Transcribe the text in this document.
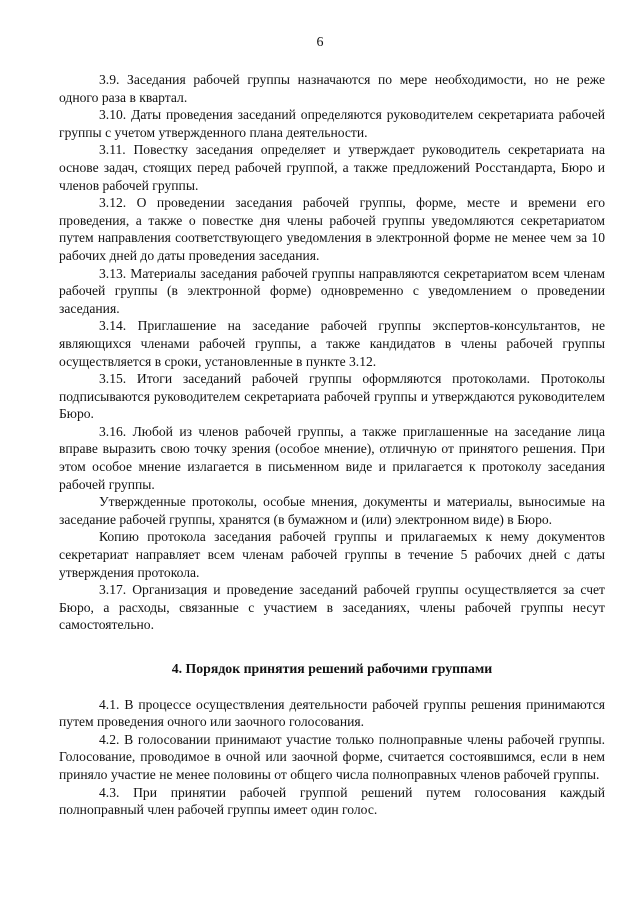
6

3.9. Заседания рабочей группы назначаются по мере необходимости, но не реже одного раза в квартал.

3.10. Даты проведения заседаний определяются руководителем секретариата рабочей группы с учетом утвержденного плана деятельности.

3.11. Повестку заседания определяет и утверждает руководитель секретариата на основе задач, стоящих перед рабочей группой, а также предложений Росстандарта, Бюро и членов рабочей группы.

3.12. О проведении заседания рабочей группы, форме, месте и времени его проведения, а также о повестке дня члены рабочей группы уведомляются секретариатом путем направления соответствующего уведомления в электронной форме не менее чем за 10 рабочих дней до даты проведения заседания.

3.13. Материалы заседания рабочей группы направляются секретариатом всем членам рабочей группы (в электронной форме) одновременно с уведомлением о проведении заседания.

3.14. Приглашение на заседание рабочей группы экспертов-консультантов, не являющихся членами рабочей группы, а также кандидатов в члены рабочей группы осуществляется в сроки, установленные в пункте 3.12.

3.15. Итоги заседаний рабочей группы оформляются протоколами. Протоколы подписываются руководителем секретариата рабочей группы и утверждаются руководителем Бюро.

3.16. Любой из членов рабочей группы, а также приглашенные на заседание лица вправе выразить свою точку зрения (особое мнение), отличную от принятого решения. При этом особое мнение излагается в письменном виде и прилагается к протоколу заседания рабочей группы.

Утвержденные протоколы, особые мнения, документы и материалы, выносимые на заседание рабочей группы, хранятся (в бумажном и (или) электронном виде) в Бюро.

Копию протокола заседания рабочей группы и прилагаемых к нему документов секретариат направляет всем членам рабочей группы в течение 5 рабочих дней с даты утверждения протокола.

3.17. Организация и проведение заседаний рабочей группы осуществляется за счет Бюро, а расходы, связанные с участием в заседаниях, члены рабочей группы несут самостоятельно.

4. Порядок принятия решений рабочими группами

4.1. В процессе осуществления деятельности рабочей группы решения принимаются путем проведения очного или заочного голосования.

4.2. В голосовании принимают участие только полноправные члены рабочей группы. Голосование, проводимое в очной или заочной форме, считается состоявшимся, если в нем приняло участие не менее половины от общего числа полноправных членов рабочей группы.

4.3. При принятии рабочей группой решений путем голосования каждый полноправный член рабочей группы имеет один голос.
